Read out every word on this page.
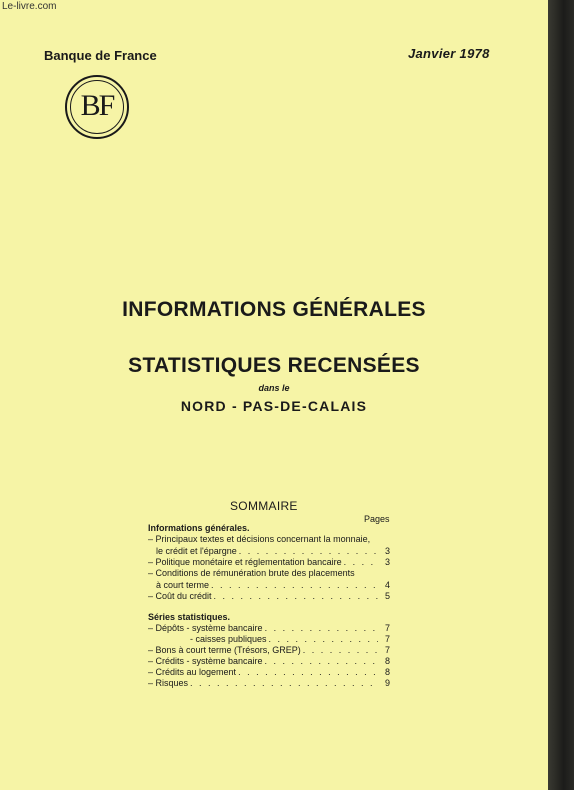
Le-livre.com
Banque de France	Janvier 1978
BF
INFORMATIONS GÉNÉRALES
STATISTIQUES RECENSÉES
dans le
NORD - PAS-DE-CALAIS
SOMMAIRE
Pages
Informations générales.
– Principaux textes et décisions concernant la monnaie,
le crédit et l'épargne . . .	3
– Politique monétaire et réglementation bancaire . . .	3
– Conditions de rémunération brute des placements
à court terme . . .	4
– Coût du crédit . . .	5
Séries statistiques.
– Dépôts - système bancaire . . .	7
- caisses publiques . . .	7
– Bons à court terme (Trésors, GREP) . . .	7
– Crédits - système bancaire . . .	8
– Crédits au logement . . .	8
– Risques . . .	9
